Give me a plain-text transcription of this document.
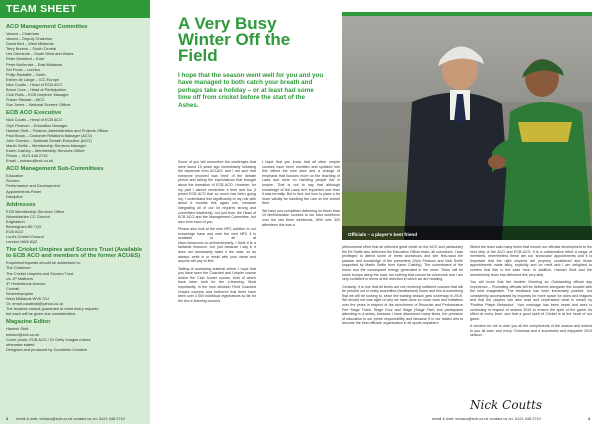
TEAM SHEET
ACO Management Committee

Vacant – Chairman

Vacant – Deputy Chairman

David Bird – West Midlands

Terry Burrow – South Central

Les Clements – South West and Wales

Peter Mumford – East

Peter McKenzie – East Midlands

Sid Poole – London

Philip Radcliffe – North

Esther de Lange – ICC Europe

Nick Coutts – Head of ECB ACO

Bruce Cree – Head of Participation

Club Rolls – ECB Umpires' Manager

Fraser Stewart – MCC

Sue Jones – National Scorers' Officer

ECB ACO Executive

Nick Coutts – Head of ECB ACO

Glyn Pearson – Education Manager

Hamish Stott – Finance, Administration and Projects Officer

Paul Brook – Customer Relations Manager (ACO)

John Overton – National Growth Executive (ACO)

Martin Settle – Membership Services Manager

Karen Cashby – Membership Services Officer

Phone – 0121 446 2710

Email – ecbaco@ecb.co.uk

ACO Management Sub-Committees

Education

Scorers

Performance and Development

Appointments Panel

Discipline

Addresses

ECB Membership Services' Office

Warwickshire CC Ground

Edgbaston

Birmingham B5 7QX

ECB ACO

Lord's Cricket Ground

London NW8 8QZ

The Cricket Umpires and Scorers Trust (Available to ECB ACO and members of the former ACU&S)

Enquiries/requests should be addressed to:

The Chairman

The Cricket Umpires and Scorers Trust

c/o JP Matthers

37 Heathbrook Avenue

Coxhall

Wolverhampton

West Midlands WV6 7DJ

Or, email cusatrust@yahoo.co.uk

The trustees cannot guarantee to meet every request,

but each will be given due consideration.

Magazine Editor

Hamish Stott

ecbaco@ecb.co.uk

Cover photo: ECB ACO / Dr Getty Images unless

otherwise stated.

Designed and produced by Countinho Creative.

A Very Busy Winter Off the Field
I hope that the season went well for you and you have managed to both catch your breath and perhaps take a holiday – or at least had some time off from cricket before the start of the Ashes.
Officials – a player's best friend

Some of you will remember the challenges that were faced 10 years ago immediately following the departure from ACU&S, and I am sure that everyone involved was 'tired' of the debate period and taking the expectations that brought about the formation of ECB ACO. However, for my part I cannot remember a time and too (I joined ECB ACO that so much has been going on). I understand this significantly to my role with about 6 months this again role, because integrating all of our lot requires strong and committed leadership, not just from the Head of ECB ACO and the Management Committee, but also from each of you.

Please also look at the new NPC addition to our knowledge base and note the next NPC it is available to all at https://www.ecb.co.uk/event/nearly, I think it is a fantastic resource, but, just because I say it, it does not necessarily make it the case, so as always, write in or email with your views and anyone will pay to find.

Talking of accessing material online, I hope that you have seen the Coached and Umpire course and/or the Club Scorer course, both of which have been built for the e-learning. Most importantly, in the new decision Field Coached Umpire courses was furthered that there have been over 2,000 individual registrations so far for the two e-learning courses.

I hope that you know that all other umpire courses have been rewritten and updated into this reflect the new laws and a change of emphasis that focuses more on the teaching of Laws and more on handling people live in umpire. That is not to say that although knowledge of the Laws isn't important now than it was formally. But in fact, but now to place a far more validity for handling the Law on the cricket field.

We have just completed delivering no fewer than 10 familiarisation courses to our tutor workforce over the last three weekends. With over 320 attendees this was a

phenomenal effort that all reflected great credit on the ACO and particularly the Ed Staffs who delivered the Education Officer team, all volunteers. I was privileged to attend some of these workshops and see first-hand the passion and knowledge of the presenters (Glyn Pearson and Nick Smith supported by Martin Settle from Karen Cashby). The commitment of the tutors and the consequent energy generated in the room. There will be some bumps along the road, but nothing that cannot be overcome and I am very confident in terms of the direction in which we are heading.

Certainly, it is true that all levels are not receiving sufficient courses that will be pushed out or really accredited (familiarised) tutors and this is something that we will be looking to, since the training season gets underway in 2019. We should not lose sight of why we have done so much work and initiatives over the years in respect of the recruitment of Recorder and Performance Fee Stage Three, Stage Four and Stage (Stage Five) and participants attending in a series, because I have discovered many times, the provision of education in our prime responsibility and because it is our stated aim to become the best officials' organisation in all sports anywhere.

Whilst the team said many times that ensure our officials development to the next step of the ACO and ECB ACO, it is a collaborative effort a range of members, nevertheless these are our 'showcase' appointments and it is important that the right umpires are properly considered and those appointments made fairly, explicitly and on merit and I am delighted to confirm that this is the case here. In addition, Hamish Stott and the membership team has delivered this very ably.

You will know that the booklet Greeting an Outstanding official day experience – Promoting officials will be delivered alongside this booklet with the best imaginable. The feedback has been immensely positive, but consistently accompanied by requests for more space for clubs and leagues and that the players can also read and understand what is meant by 'Positive Player Behaviour'. Your message has been heard and work is continuing in respect of season 2019 to ensure the spirit of the game, its effect at every level, and that a good spirit of Cricket is at the heart of our game.

It remains for me to wish you all the compliments of the season and extend to you all each and every Christmas and a successful and enjoyable 2019 season.

Nick Coutts
2 email & web: ecbaco@ecb.co.uk contact us on: 0121 446 2710	email & web: ecbaco@ecb.co.uk contact us on: 0121 446 2710	3
